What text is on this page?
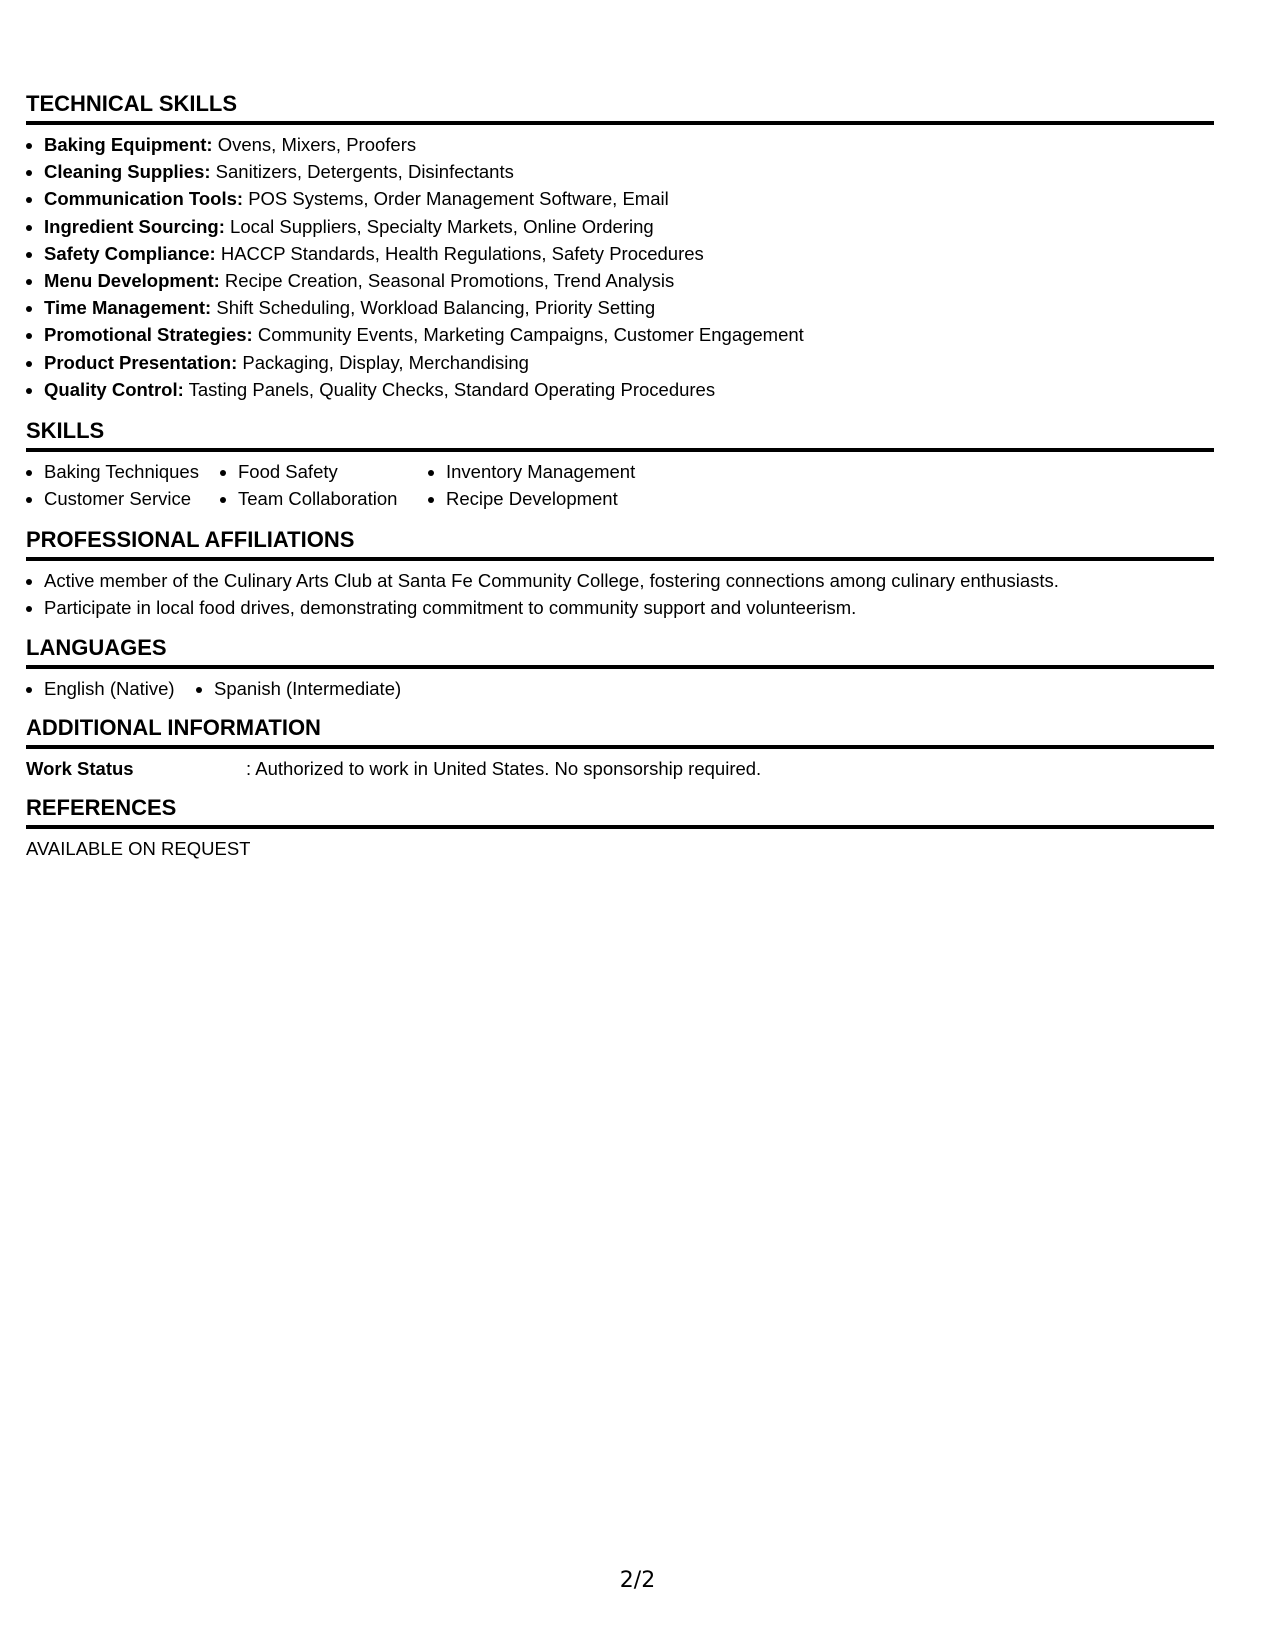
TECHNICAL SKILLS
• Baking Equipment: Ovens, Mixers, Proofers
• Cleaning Supplies: Sanitizers, Detergents, Disinfectants
• Communication Tools: POS Systems, Order Management Software, Email
• Ingredient Sourcing: Local Suppliers, Specialty Markets, Online Ordering
• Safety Compliance: HACCP Standards, Health Regulations, Safety Procedures
• Menu Development: Recipe Creation, Seasonal Promotions, Trend Analysis
• Time Management: Shift Scheduling, Workload Balancing, Priority Setting
• Promotional Strategies: Community Events, Marketing Campaigns, Customer Engagement
• Product Presentation: Packaging, Display, Merchandising
• Quality Control: Tasting Panels, Quality Checks, Standard Operating Procedures
SKILLS
• Baking Techniques
• Customer Service
• Food Safety
• Team Collaboration
• Inventory Management
• Recipe Development
PROFESSIONAL AFFILIATIONS
• Active member of the Culinary Arts Club at Santa Fe Community College, fostering connections among culinary enthusiasts.
• Participate in local food drives, demonstrating commitment to community support and volunteerism.
LANGUAGES
• English (Native)
•	Spanish (Intermediate)
ADDITIONAL INFORMATION
Work Status	: Authorized to work in United States. No sponsorship required.
REFERENCES
AVAILABLE ON REQUEST
2/2
